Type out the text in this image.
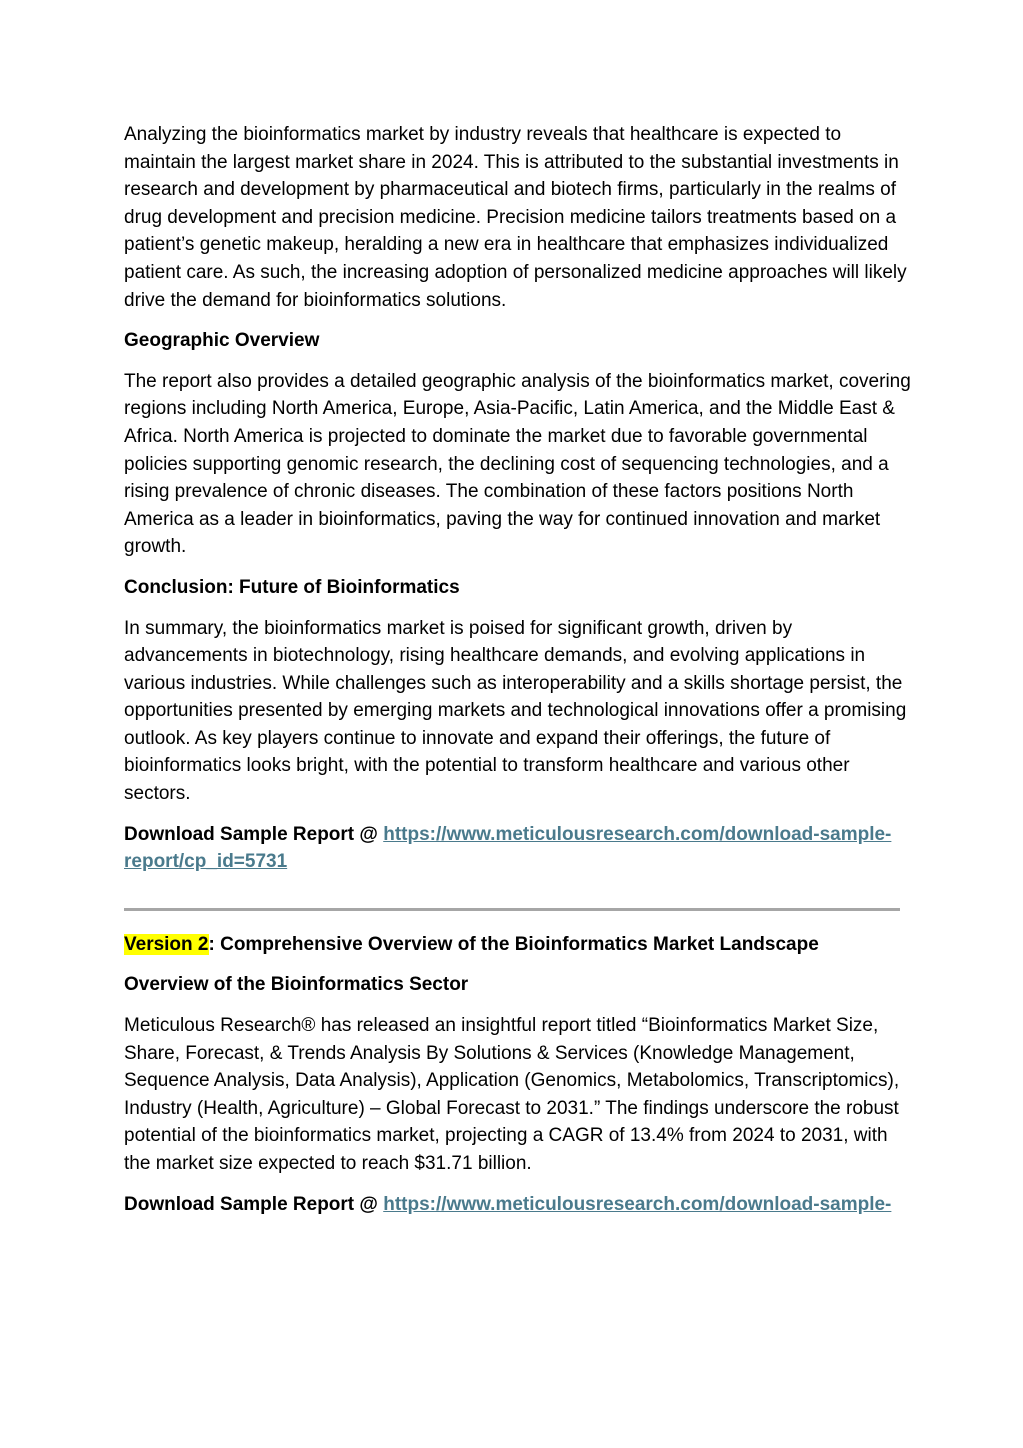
Analyzing the bioinformatics market by industry reveals that healthcare is expected to maintain the largest market share in 2024. This is attributed to the substantial investments in research and development by pharmaceutical and biotech firms, particularly in the realms of drug development and precision medicine. Precision medicine tailors treatments based on a patient’s genetic makeup, heralding a new era in healthcare that emphasizes individualized patient care. As such, the increasing adoption of personalized medicine approaches will likely drive the demand for bioinformatics solutions.

Geographic Overview

The report also provides a detailed geographic analysis of the bioinformatics market, covering regions including North America, Europe, Asia-Pacific, Latin America, and the Middle East & Africa. North America is projected to dominate the market due to favorable governmental policies supporting genomic research, the declining cost of sequencing technologies, and a rising prevalence of chronic diseases. The combination of these factors positions North America as a leader in bioinformatics, paving the way for continued innovation and market growth.

Conclusion: Future of Bioinformatics

In summary, the bioinformatics market is poised for significant growth, driven by advancements in biotechnology, rising healthcare demands, and evolving applications in various industries. While challenges such as interoperability and a skills shortage persist, the opportunities presented by emerging markets and technological innovations offer a promising outlook. As key players continue to innovate and expand their offerings, the future of bioinformatics looks bright, with the potential to transform healthcare and various other sectors.

Download Sample Report @ https://www.meticulousresearch.com/download-sample-report/cp_id=5731

Version 2: Comprehensive Overview of the Bioinformatics Market Landscape

Overview of the Bioinformatics Sector

Meticulous Research® has released an insightful report titled “Bioinformatics Market Size, Share, Forecast, & Trends Analysis By Solutions & Services (Knowledge Management, Sequence Analysis, Data Analysis), Application (Genomics, Metabolomics, Transcriptomics), Industry (Health, Agriculture) – Global Forecast to 2031.” The findings underscore the robust potential of the bioinformatics market, projecting a CAGR of 13.4% from 2024 to 2031, with the market size expected to reach $31.71 billion.

Download Sample Report @ https://www.meticulousresearch.com/download-sample-
